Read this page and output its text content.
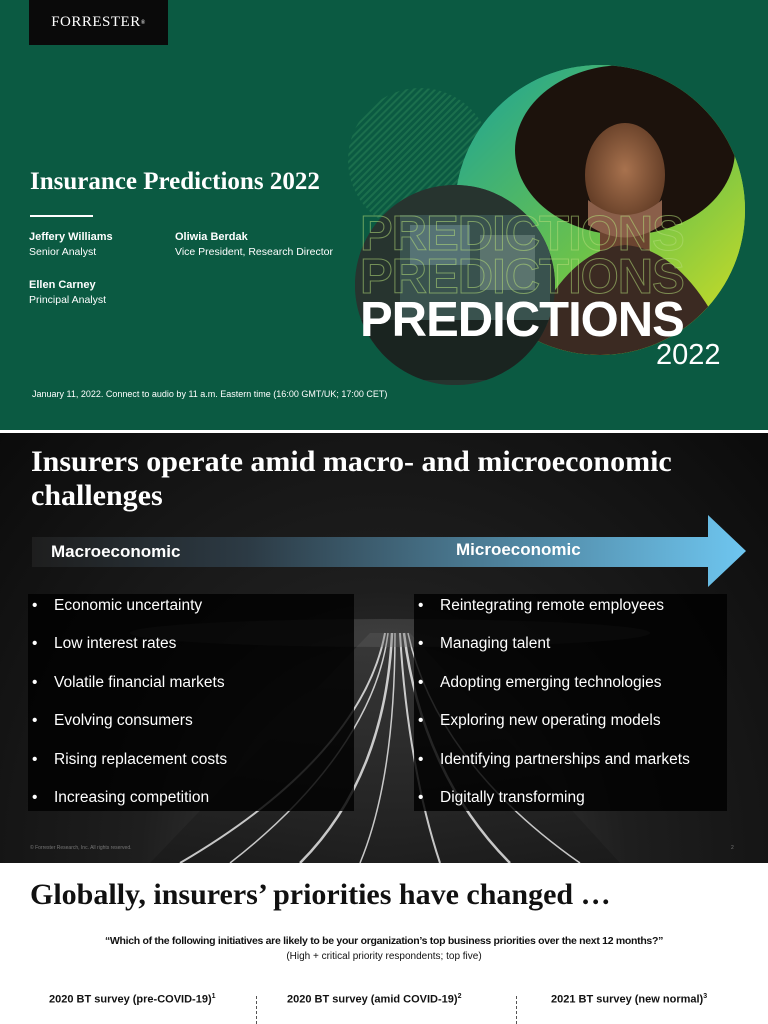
PREDICTIONS
PREDICTIONS
PREDICTIONS
2022
FORRESTER ®
Insurance Predictions 2022
Jeffery Williams
Senior Analyst
Oliwia Berdak
Vice President, Research Director
Ellen Carney
Principal Analyst
January 11, 2022. Connect to audio by 11 a.m. Eastern time (16:00 GMT/UK; 17:00 CET)
Insurers operate amid macro- and microeconomic challenges
Macroeconomic	Microeconomic
• Economic uncertainty
• Low interest rates
• Volatile financial markets
• Evolving consumers
• Rising replacement costs
• Increasing competition
• Reintegrating remote employees
• Managing talent
• Adopting emerging technologies
• Exploring new operating models
• Identifying partnerships and markets
• Digitally transforming
© Forrester Research, Inc. All rights reserved.	2
Globally, insurers’ priorities have changed …
“Which of the following initiatives are likely to be your organization’s top business priorities over the next 12 months?”
(High + critical priority respondents; top five)
2020 BT survey (pre-COVID-19)$^1$	2020 BT survey (amid COVID-19)$^2$	2021 BT survey (new normal)$^3$
